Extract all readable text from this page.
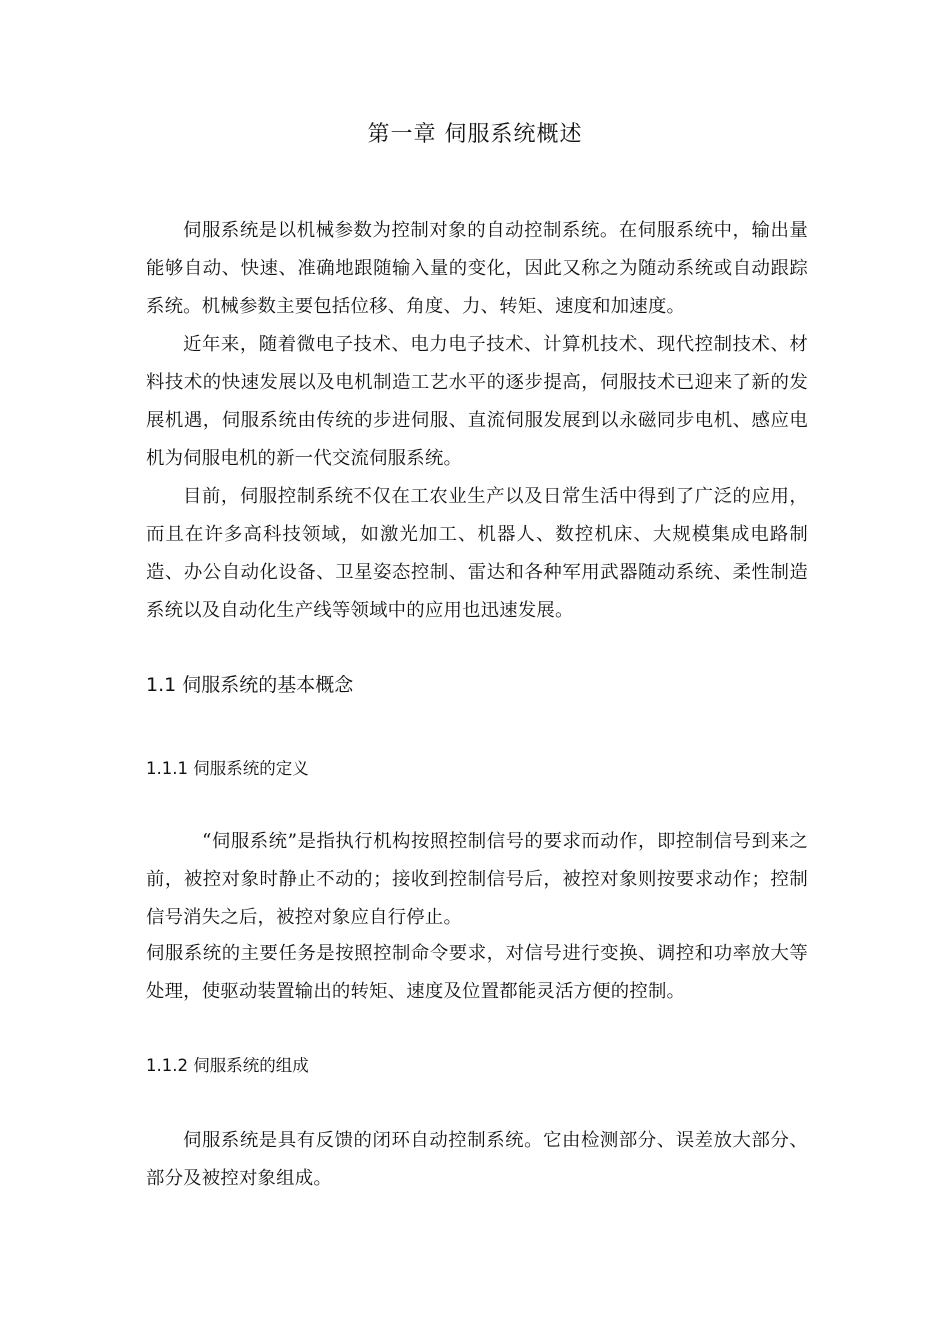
第一章 伺服系统概述

伺服系统是以机械参数为控制对象的自动控制系统。在伺服系统中，输出量能够自动、快速、准确地跟随输入量的变化，因此又称之为随动系统或自动跟踪系统。机械参数主要包括位移、角度、力、转矩、速度和加速度。

近年来，随着微电子技术、电力电子技术、计算机技术、现代控制技术、材料技术的快速发展以及电机制造工艺水平的逐步提高，伺服技术已迎来了新的发展机遇，伺服系统由传统的步进伺服、直流伺服发展到以永磁同步电机、感应电机为伺服电机的新一代交流伺服系统。

目前，伺服控制系统不仅在工农业生产以及日常生活中得到了广泛的应用，而且在许多高科技领域，如激光加工、机器人、数控机床、大规模集成电路制造、办公自动化设备、卫星姿态控制、雷达和各种军用武器随动系统、柔性制造系统以及自动化生产线等领域中的应用也迅速发展。

1.1 伺服系统的基本概念
1.1.1 伺服系统的定义

“伺服系统”是指执行机构按照控制信号的要求而动作，即控制信号到来之前，被控对象时静止不动的；接收到控制信号后，被控对象则按要求动作；控制信号消失之后，被控对象应自行停止。

伺服系统的主要任务是按照控制命令要求，对信号进行变换、调控和功率放大等处理，使驱动装置输出的转矩、速度及位置都能灵活方便的控制。

1.1.2 伺服系统的组成

伺服系统是具有反馈的闭环自动控制系统。它由检测部分、误差放大部分、部分及被控对象组成。
